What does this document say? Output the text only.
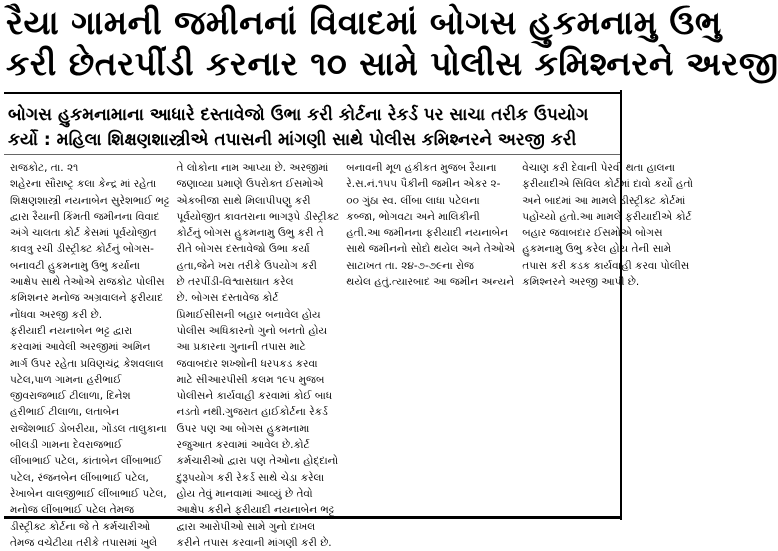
રૈયા ગામની જમીનનાં વિવાદમાં બોગસ હુકમનામુ ઉભુ
કરી છેતરપીંડી કરનાર ૧૦ સામે પોલીસ કમિશ્નરને અરજી
બોગસ હુકમનામાના આધારે દસ્તાવેજો ઉભા કરી કોર્ટના રેકર્ડ પર સાચા તરીક ઉપયોગ
કર્યો : મહિલા શિક્ષણશાસ્ત્રીએ તપાસની માંગણી સાથે પોલીસ કમિશ્નરને અરજી કરી
રાજકોટ, તા. ૨૧
શહેરના સૌરાષ્ટ્ર કલા કેન્દ્ર માં રહેતા
શિક્ષણશાસ્ત્રી નયનાબેન સુરેશભાઈ ભટ્ટ
દ્વારા રૈયાની કિંમતી જમીનના વિવાદ
અંગે ચાલતા કોર્ટ કેસમાં પૂર્વયોજીત
કાવત્રુ રચી ડીસ્ટ્રીક્ટ કોર્ટનું બોગસ-
બનાવટી હુકમનામુ ઉભુ કર્યાના
આક્ષેપ સાથે તેઓએ રાજકોટ પોલીસ
કમિશનર મનોજ અગ્રવાલને ફરીયાદ
નોંધવા અરજી કરી છે.
ફરીયાદી નયનાબેન ભટ્ટ દ્વારા
કરવામાં આવેલી અરજીમાં અમિન
માર્ગ ઉપર રહેતા પ્રવિણચંદ્ર કેશવલાલ
પટેલ,પાળ ગામના હરીભાઈ
જીવરાજભાઈ ટીલાળા, દિનેશ
હરીભાઈ ટીલાળા, લતાબેન
રાજેશભાઈ ડોબરીયા, ગોંડલ તાલુકાના
બીલડી ગામના દેવરાજભાઈ
લીંબાભાઈ પટેલ, કાંતાબેન લીંબાભાઈ
પટેલ, રંજનબેન લીંબાભાઈ પટેલ,
રેખાબેન વાલજીભાઈ લીંબાભાઈ પટેલ,
મનોજ લીંબાભાઈ પટેલ તેમજ
ડીસ્ટ્રીક્ટ કોર્ટના જે તે કર્મચારીઓ
તેમજ વચેટીયા તરીકે તપાસમાં ખુલે
તે લોકોના નામ આપ્યા છે. અરજીમાં
જણાવ્યા પ્રમાણે ઉપરોક્ત ઈસમોએ
એકબીજા સાથે મિલાપીપણુ કરી
પૂર્વયોજીત કાવતરાના ભાગરૂપે ડીસ્ટ્રીક્ટ
કોર્ટનું બોગસ હુકમનામુ ઉભુ કરી તે
રીતે બોગસ દસ્તાવેજો ઉભા કર્યા
હતા,જેને ખરા તરીકે ઉપયોગ કરી
છે તરપીંડી-વિશ્વાસઘાત કરેલ
છે. બોગસ દસ્તાવેજ કોર્ટ
પ્રિમાઈસીસની બહાર બનાવેલ હોય
પોલીસ અધિકારનો ગુનો બનતો હોય
આ પ્રકારના ગુનાની તપાસ માટે
જવાબદાર શખ્શોની ધરપકડ કરવા
માટે સીઆરપીસી કલમ ૧૯૫ મુજબ
પોલીસને કાર્યવાહી કરવામાં કોઈ બાધ
નડતો નથી.ગુજરાત હાઈકોર્ટના રેકર્ડ
ઉપર પણ આ બોગસ હુકમનામા
રજુઆત કરવામાં આવેલ છે.કોર્ટ
કર્મચારીઓ દ્વારા પણ તેઓના હોદ્દાનો
દુરૂપયોગ કરી રેકર્ડ સાથે ચેડા કરેલા
હોય તેવું માનવામાં આવ્યું છે તેવો
આક્ષેપ કરીને ફરીયાદી નયનાબેન ભટ્ટ
દ્વારા આરોપીઓ સામે ગુનો દાખલ
કરીને તપાસ કરવાની માંગણી કરી છે.
બનાવની મૂળ હકીકત મુજબ રૈયાના
રે.સ.નં.૧૫૫ પૈકીની જમીન એકર ૨-
૦૦ ગુંઠા સ્વ. લીંબા લાધા પટેલના
કબ્જા, ભોગવટા અને માલિકીની
હતી.આ જમીનના ફરીયાદી નયનાબેન
સાથે જમીનનો સોદો થયેલ અને તેઓએ
સાટાખત તા. ૨૪-૭-૭૯ના રોજ
થયેલ હતું.ત્યારબાદ આ જમીન અન્યને
વેચાણ કરી દેવાની પેરવી થતા હાલના
ફરીયાદીએ સિવિલ કોર્ટમાં દાવો કર્યો હતો
અને બાદમાં આ મામલે ડીસ્ટ્રીક્ટ કોર્ટમાં
પહોંચ્યો હતો.આ મામલે ફરીયાદીએ કોર્ટ
બહાર જવાબદાર ઈસમોએ બોગસ
હુકમનામુ ઉભુ કરેલ હોય તેની સામે
તપાસ કરી કડક કાર્યવાહી કરવા પોલીસ
કમિશ્નરને અરજી આપી છે.
